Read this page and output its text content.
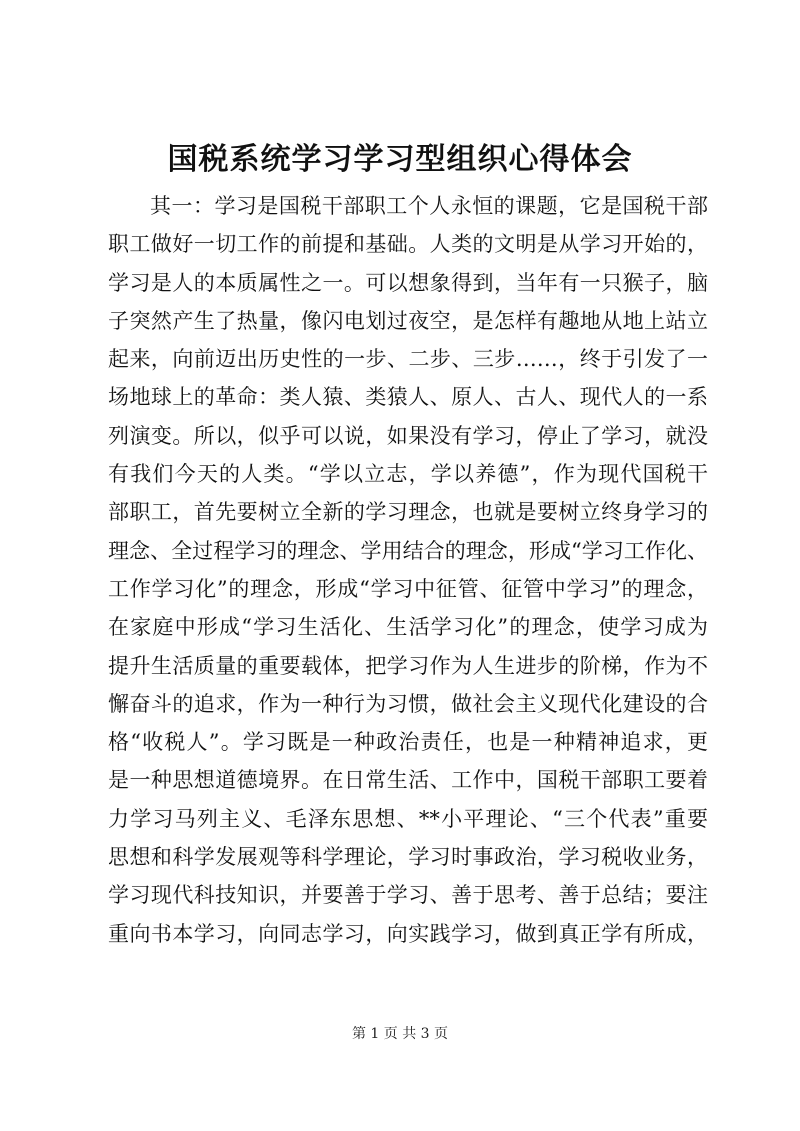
国税系统学习学习型组织心得体会
其一：学习是国税干部职工个人永恒的课题，它是国税干部
职工做好一切工作的前提和基础。人类的文明是从学习开始的，
学习是人的本质属性之一。可以想象得到，当年有一只猴子，脑
子突然产生了热量，像闪电划过夜空，是怎样有趣地从地上站立
起来，向前迈出历史性的一步、二步、三步……，终于引发了一
场地球上的革命：类人猿、类猿人、原人、古人、现代人的一系
列演变。所以，似乎可以说，如果没有学习，停止了学习，就没
有我们今天的人类。“学以立志，学以养德”，作为现代国税干
部职工，首先要树立全新的学习理念，也就是要树立终身学习的
理念、全过程学习的理念、学用结合的理念，形成“学习工作化、
工作学习化”的理念，形成“学习中征管、征管中学习”的理念，
在家庭中形成“学习生活化、生活学习化”的理念，使学习成为
提升生活质量的重要载体，把学习作为人生进步的阶梯，作为不
懈奋斗的追求，作为一种行为习惯，做社会主义现代化建设的合
格“收税人”。学习既是一种政治责任，也是一种精神追求，更
是一种思想道德境界。在日常生活、工作中，国税干部职工要着
力学习马列主义、毛泽东思想、**小平理论、“三个代表”重要
思想和科学发展观等科学理论，学习时事政治，学习税收业务，
学习现代科技知识，并要善于学习、善于思考、善于总结；要注
重向书本学习，向同志学习，向实践学习，做到真正学有所成，
第 1 页 共 3 页
